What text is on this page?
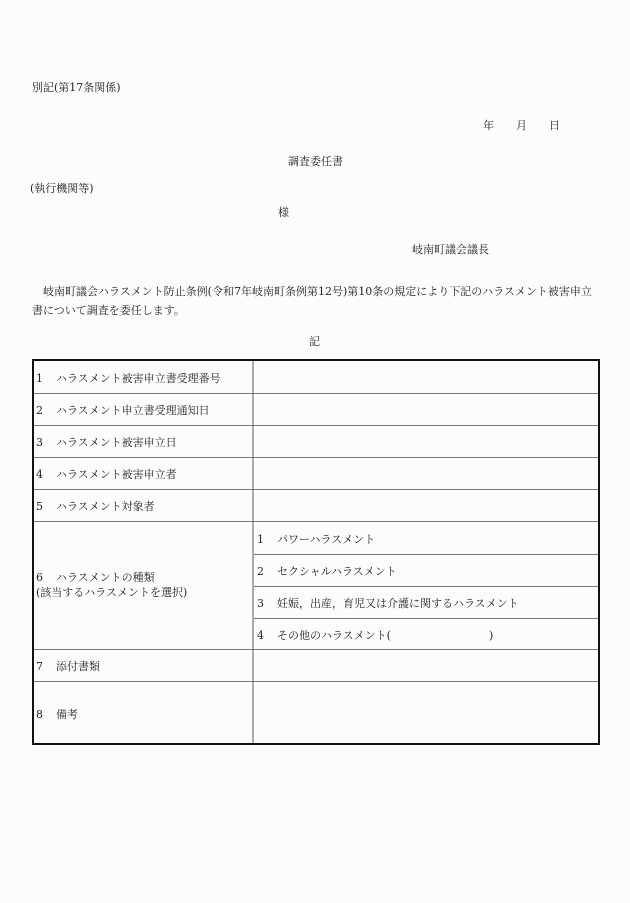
別記(第17条関係)
年 月 日
調査委任書
(執行機関等)
様
岐南町議会議長
岐南町議会ハラスメント防止条例(令和7年岐南町条例第12号)第10条の規定により下記のハラスメント被害申立書について調査を委任します。
記
1 ハラスメント被害申立書受理番号
2 ハラスメント申立書受理通知日
3 ハラスメント被害申立日
4 ハラスメント被害申立者
5 ハラスメント対象者
6 ハラスメントの種類
(該当するハラスメントを選択)
1 パワーハラスメント
2 セクシャルハラスメント
3 妊娠，出産，育児又は介護に関するハラスメント
4 その他のハラスメント(	)
7 添付書類
8 備考
